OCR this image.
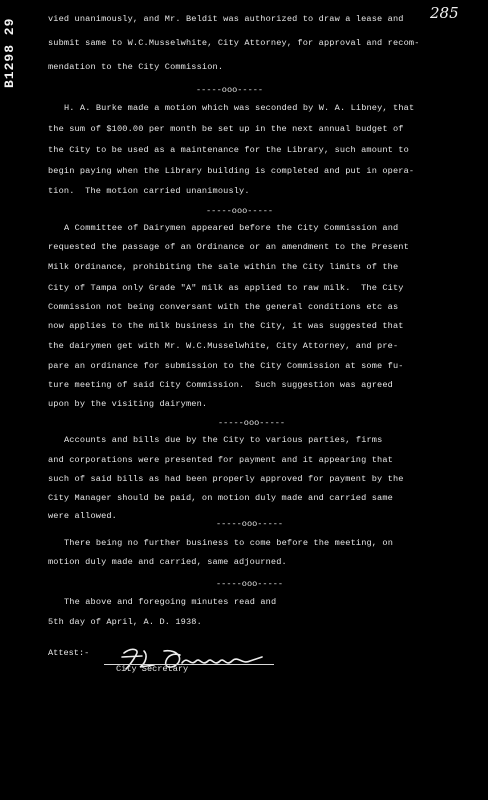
B1298 29
285
vied unanimously, and Mr. Beldit was authorized to draw a lease and
submit same to W.C.Musselwhite, City Attorney, for approval and recom-
mendation to the City Commission.
-----ooo-----
H. A. Burke made a motion which was seconded by W. A. Libney, that
the sum of $100.00 per month be set up in the next annual budget of
the City to be used as a maintenance for the Library, such amount to
begin paying when the Library building is completed and put in opera-
tion.  The motion carried unanimously.
-----ooo-----
A Committee of Dairymen appeared before the City Commission and
requested the passage of an Ordinance or an amendment to the Present
Milk Ordinance, prohibiting the sale within the City limits of the
City of Tampa only Grade "A" milk as applied to raw milk.  The City
Commission not being conversant with the general conditions etc as
now applies to the milk business in the City, it was suggested that
the dairymen get with Mr. W.C.Musselwhite, City Attorney, and pre-
pare an ordinance for submission to the City Commission at some fu-
ture meeting of said City Commission.  Such suggestion was agreed
upon by the visiting dairymen.
-----ooo-----
Accounts and bills due by the City to various parties, firms
and corporations were presented for payment and it appearing that
such of said bills as had been properly approved for payment by the
City Manager should be paid, on motion duly made and carried same
were allowed.
-----ooo-----
There being no further business to come before the meeting, on
motion duly made and carried, same adjourned.
-----ooo-----
The above and foregoing minutes read and
5th day of April, A. D. 1938.
Attest:-
City Secretary
